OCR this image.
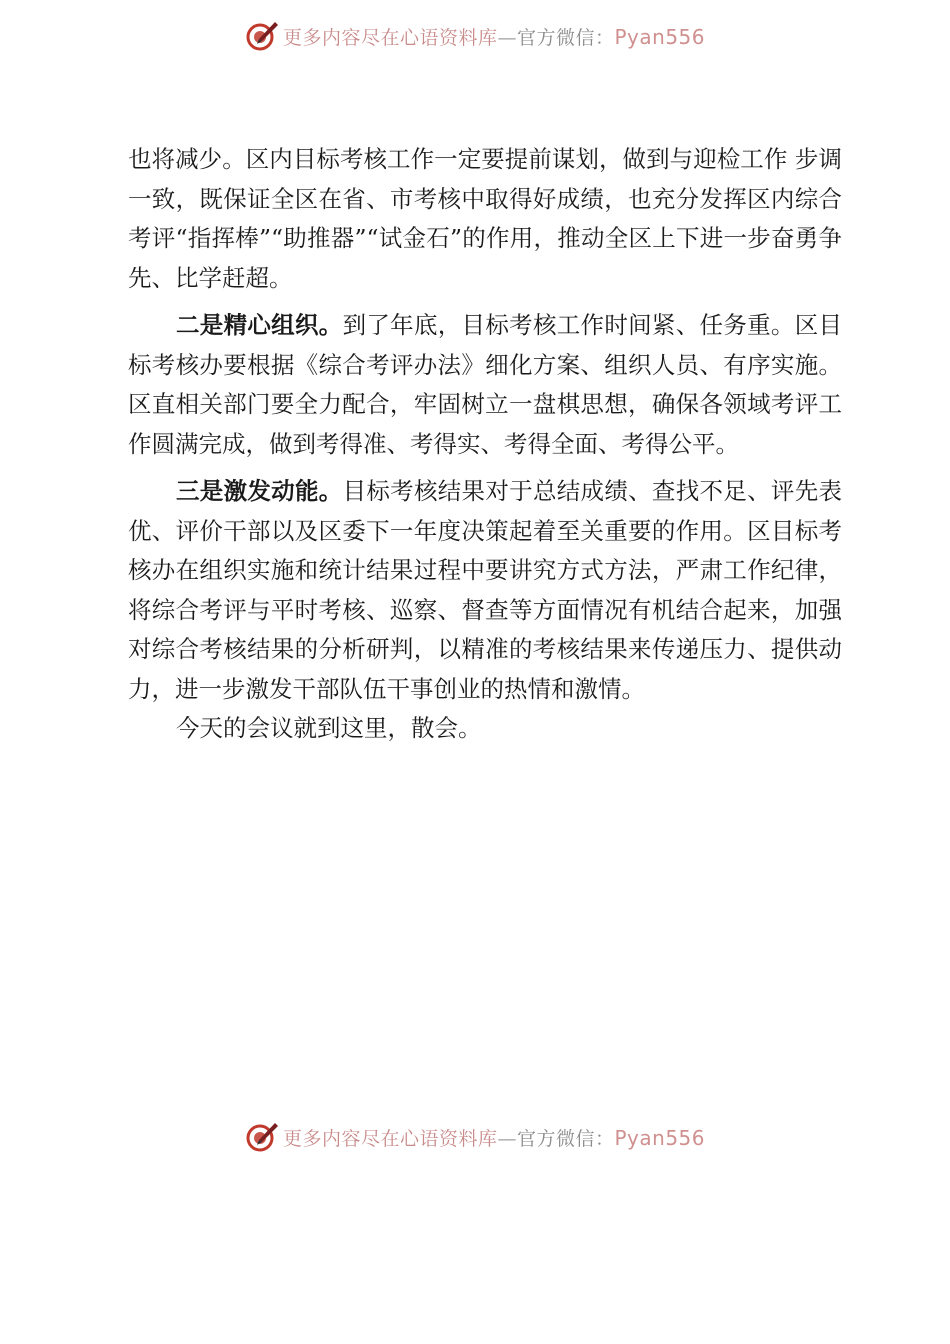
更多内容尽在心语资料库—官方微信：Pyan556

也将减少。区内目标考核工作一定要提前谋划，做到与迎检工作 步调一致，既保证全区在省、市考核中取得好成绩，也充分发挥区内综合考评“指挥棒”“助推器”“试金石”的作用，推动全区上下进一步奋勇争先、比学赶超。

二是精心组织。到了年底，目标考核工作时间紧、任务重。区目标考核办要根据《综合考评办法》细化方案、组织人员、有序实施。区直相关部门要全力配合，牢固树立一盘棋思想，确保各领域考评工作圆满完成，做到考得准、考得实、考得全面、考得公平。

三是激发动能。目标考核结果对于总结成绩、查找不足、评先表优、评价干部以及区委下一年度决策起着至关重要的作用。区目标考核办在组织实施和统计结果过程中要讲究方式方法，严肃工作纪律，将综合考评与平时考核、巡察、督查等方面情况有机结合起来，加强对综合考核结果的分析研判，以精准的考核结果来传递压力、提供动力，进一步激发干部队伍干事创业的热情和激情。

今天的会议就到这里，散会。

更多内容尽在心语资料库—官方微信：Pyan556
